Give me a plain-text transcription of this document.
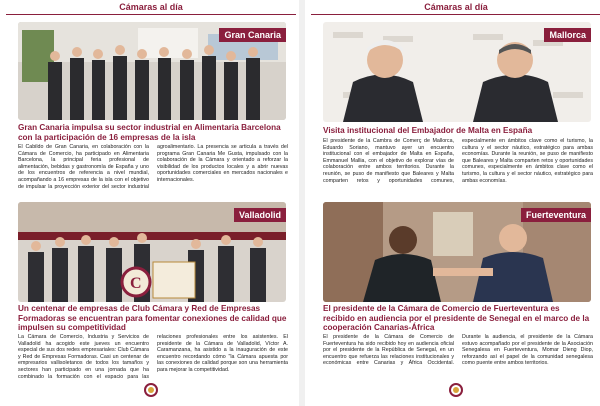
Cámaras al día
Gran Canaria
Gran Canaria impulsa su sector industrial en Alimentaria Barcelona con la participación de 16 empresas de la isla
El Cabildo de Gran Canaria, en colaboración con la Cámara de Comercio, ha participado en Alimentaria Barcelona, la principal feria profesional de alimentación, bebidas y gastronomía de España y uno de los encuentros de referencia a nivel mundial, acompañando a 16 empresas de la isla con el objetivo de impulsar la proyección exterior del sector industrial agroalimentario. La presencia se articula a través del programa Gran Canaria Me Gusta, impulsado con la colaboración de la Cámara y orientado a reforzar la visibilidad de los productos locales y a abrir nuevas oportunidades comerciales en mercados nacionales e internacionales.
C
Valladolid
Un centenar de empresas de Club Cámara y Red de Empresas Formadoras se encuentran para fomentar conexiones de calidad que impulsen su competitividad
La Cámara de Comercio, Industria y Servicios de Valladolid ha acogido este jueves un encuentro especial de sus dos redes empresariales: Club Cámara y Red de Empresas Formadoras. Casi un centenar de empresarios vallisoletanos de todos los tamaños y sectores han participado en una jornada que ha combinado la formación con el espacio para las relaciones profesionales entre los asistentes. El presidente de la Cámara de Valladolid, Víctor A. Caramanzana, ha asistido a la inauguración de este encuentro recordando cómo "la Cámara apuesta por las conexiones de calidad porque son una herramienta para mejorar la competitividad.
Cámaras al día
Mallorca
Visita institucional del Embajador de Malta en España
El presidente de la Cambra de Comerç de Mallorca, Eduardo Soriano, mantuvo ayer un encuentro institucional con el embajador de Malta en España, Emmanuel Mallia, con el objetivo de explorar vías de colaboración entre ambos territorios. Durante la reunión, se puso de manifiesto que Baleares y Malta comparten retos y oportunidades comunes, especialmente en ámbitos clave como el turismo, la cultura y el sector náutico, estratégico para ambas economías. Durante la reunión, se puso de manifiesto que Baleares y Malta comparten retos y oportunidades comunes, especialmente en ámbitos clave como el turismo, la cultura y el sector náutico, estratégico para ambas economías.
Fuerteventura
El presidente de la Cámara de Comercio de Fuerteventura es recibido en audiencia por el presidente de Senegal en el marco de la cooperación Canarias-África
El presidente de la Cámara de Comercio de Fuerteventura ha sido recibido hoy en audiencia oficial por el presidente de la República de Senegal, en un encuentro que refuerza las relaciones institucionales y económicas entre Canarias y África Occidental. Durante la audiencia, el presidente de la Cámara estuvo acompañado por el presidente de la Asociación Senegalesa en Fuerteventura, Momar Dieng Diop, reforzando así el papel de la comunidad senegalesa como puente entre ambos territorios.
